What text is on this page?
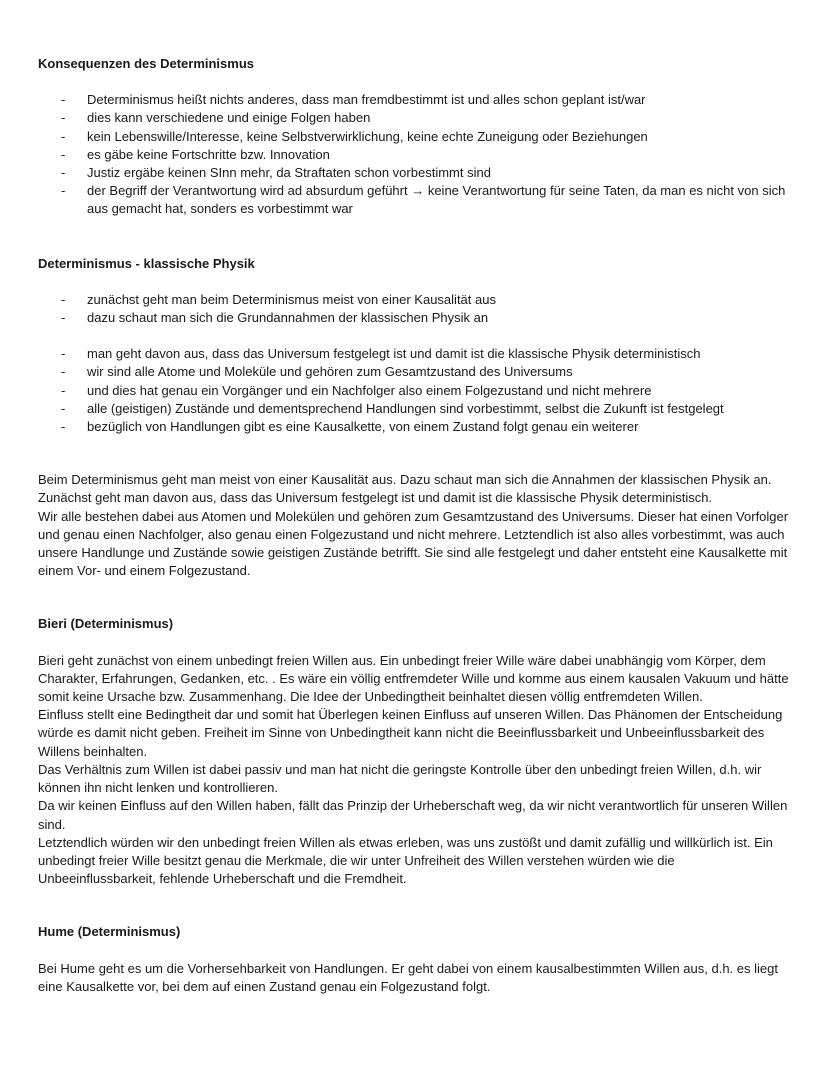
Konsequenzen des Determinismus
- Determinismus heißt nichts anderes, dass man fremdbestimmt ist und alles schon geplant ist/war
- dies kann verschiedene und einige Folgen haben
- kein Lebenswille/Interesse, keine Selbstverwirklichung, keine echte Zuneigung oder Beziehungen
- es gäbe keine Fortschritte bzw. Innovation
- Justiz ergäbe keinen SInn mehr, da Straftaten schon vorbestimmt sind
- der Begriff der Verantwortung wird ad absurdum geführt → keine Verantwortung für seine Taten, da man es nicht von sich aus gemacht hat, sonders es vorbestimmt war
Determinismus - klassische Physik
- zunächst geht man beim Determinismus meist von einer Kausalität aus
- dazu schaut man sich die Grundannahmen der klassischen Physik an
- man geht davon aus, dass das Universum festgelegt ist und damit ist die klassische Physik deterministisch
- wir sind alle Atome und Moleküle und gehören zum Gesamtzustand des Universums
- und dies hat genau ein Vorgänger und ein Nachfolger also einem Folgezustand und nicht mehrere
- alle (geistigen) Zustände und dementsprechend Handlungen sind vorbestimmt, selbst die Zukunft ist festgelegt
- bezüglich von Handlungen gibt es eine Kausalkette, von einem Zustand folgt genau ein weiterer

Beim Determinismus geht man meist von einer Kausalität aus. Dazu schaut man sich die Annahmen der klassischen Physik an.

Zunächst geht man davon aus, dass das Universum festgelegt ist und damit ist die klassische Physik deterministisch.

Wir alle bestehen dabei aus Atomen und Molekülen und gehören zum Gesamtzustand des Universums. Dieser hat einen Vorfolger und genau einen Nachfolger, also genau einen Folgezustand und nicht mehrere. Letztendlich ist also alles vorbestimmt, was auch unsere Handlunge und Zustände sowie geistigen Zustände betrifft. Sie sind alle festgelegt und daher entsteht eine Kausalkette mit einem Vor- und einem Folgezustand.

Bieri (Determinismus)

Bieri geht zunächst von einem unbedingt freien Willen aus. Ein unbedingt freier Wille wäre dabei unabhängig vom Körper, dem Charakter, Erfahrungen, Gedanken, etc. . Es wäre ein völlig entfremdeter Wille und komme aus einem kausalen Vakuum und hätte somit keine Ursache bzw. Zusammenhang. Die Idee der Unbedingtheit beinhaltet diesen völlig entfremdeten Willen.

Einfluss stellt eine Bedingtheit dar und somit hat Überlegen keinen Einfluss auf unseren Willen. Das Phänomen der Entscheidung würde es damit nicht geben. Freiheit im Sinne von Unbedingtheit kann nicht die Beeinflussbarkeit und Unbeeinflussbarkeit des Willens beinhalten.

Das Verhältnis zum Willen ist dabei passiv und man hat nicht die geringste Kontrolle über den unbedingt freien Willen, d.h. wir können ihn nicht lenken und kontrollieren.

Da wir keinen Einfluss auf den Willen haben, fällt das Prinzip der Urheberschaft weg, da wir nicht verantwortlich für unseren Willen sind.

Letztendlich würden wir den unbedingt freien Willen als etwas erleben, was uns zustößt und damit zufällig und willkürlich ist. Ein unbedingt freier Wille besitzt genau die Merkmale, die wir unter Unfreiheit des Willen verstehen würden wie die Unbeeinflussbarkeit, fehlende Urheberschaft und die Fremdheit.

Hume (Determinismus)

Bei Hume geht es um die Vorhersehbarkeit von Handlungen. Er geht dabei von einem kausalbestimmten Willen aus, d.h. es liegt eine Kausalkette vor, bei dem auf einen Zustand genau ein Folgezustand folgt.
